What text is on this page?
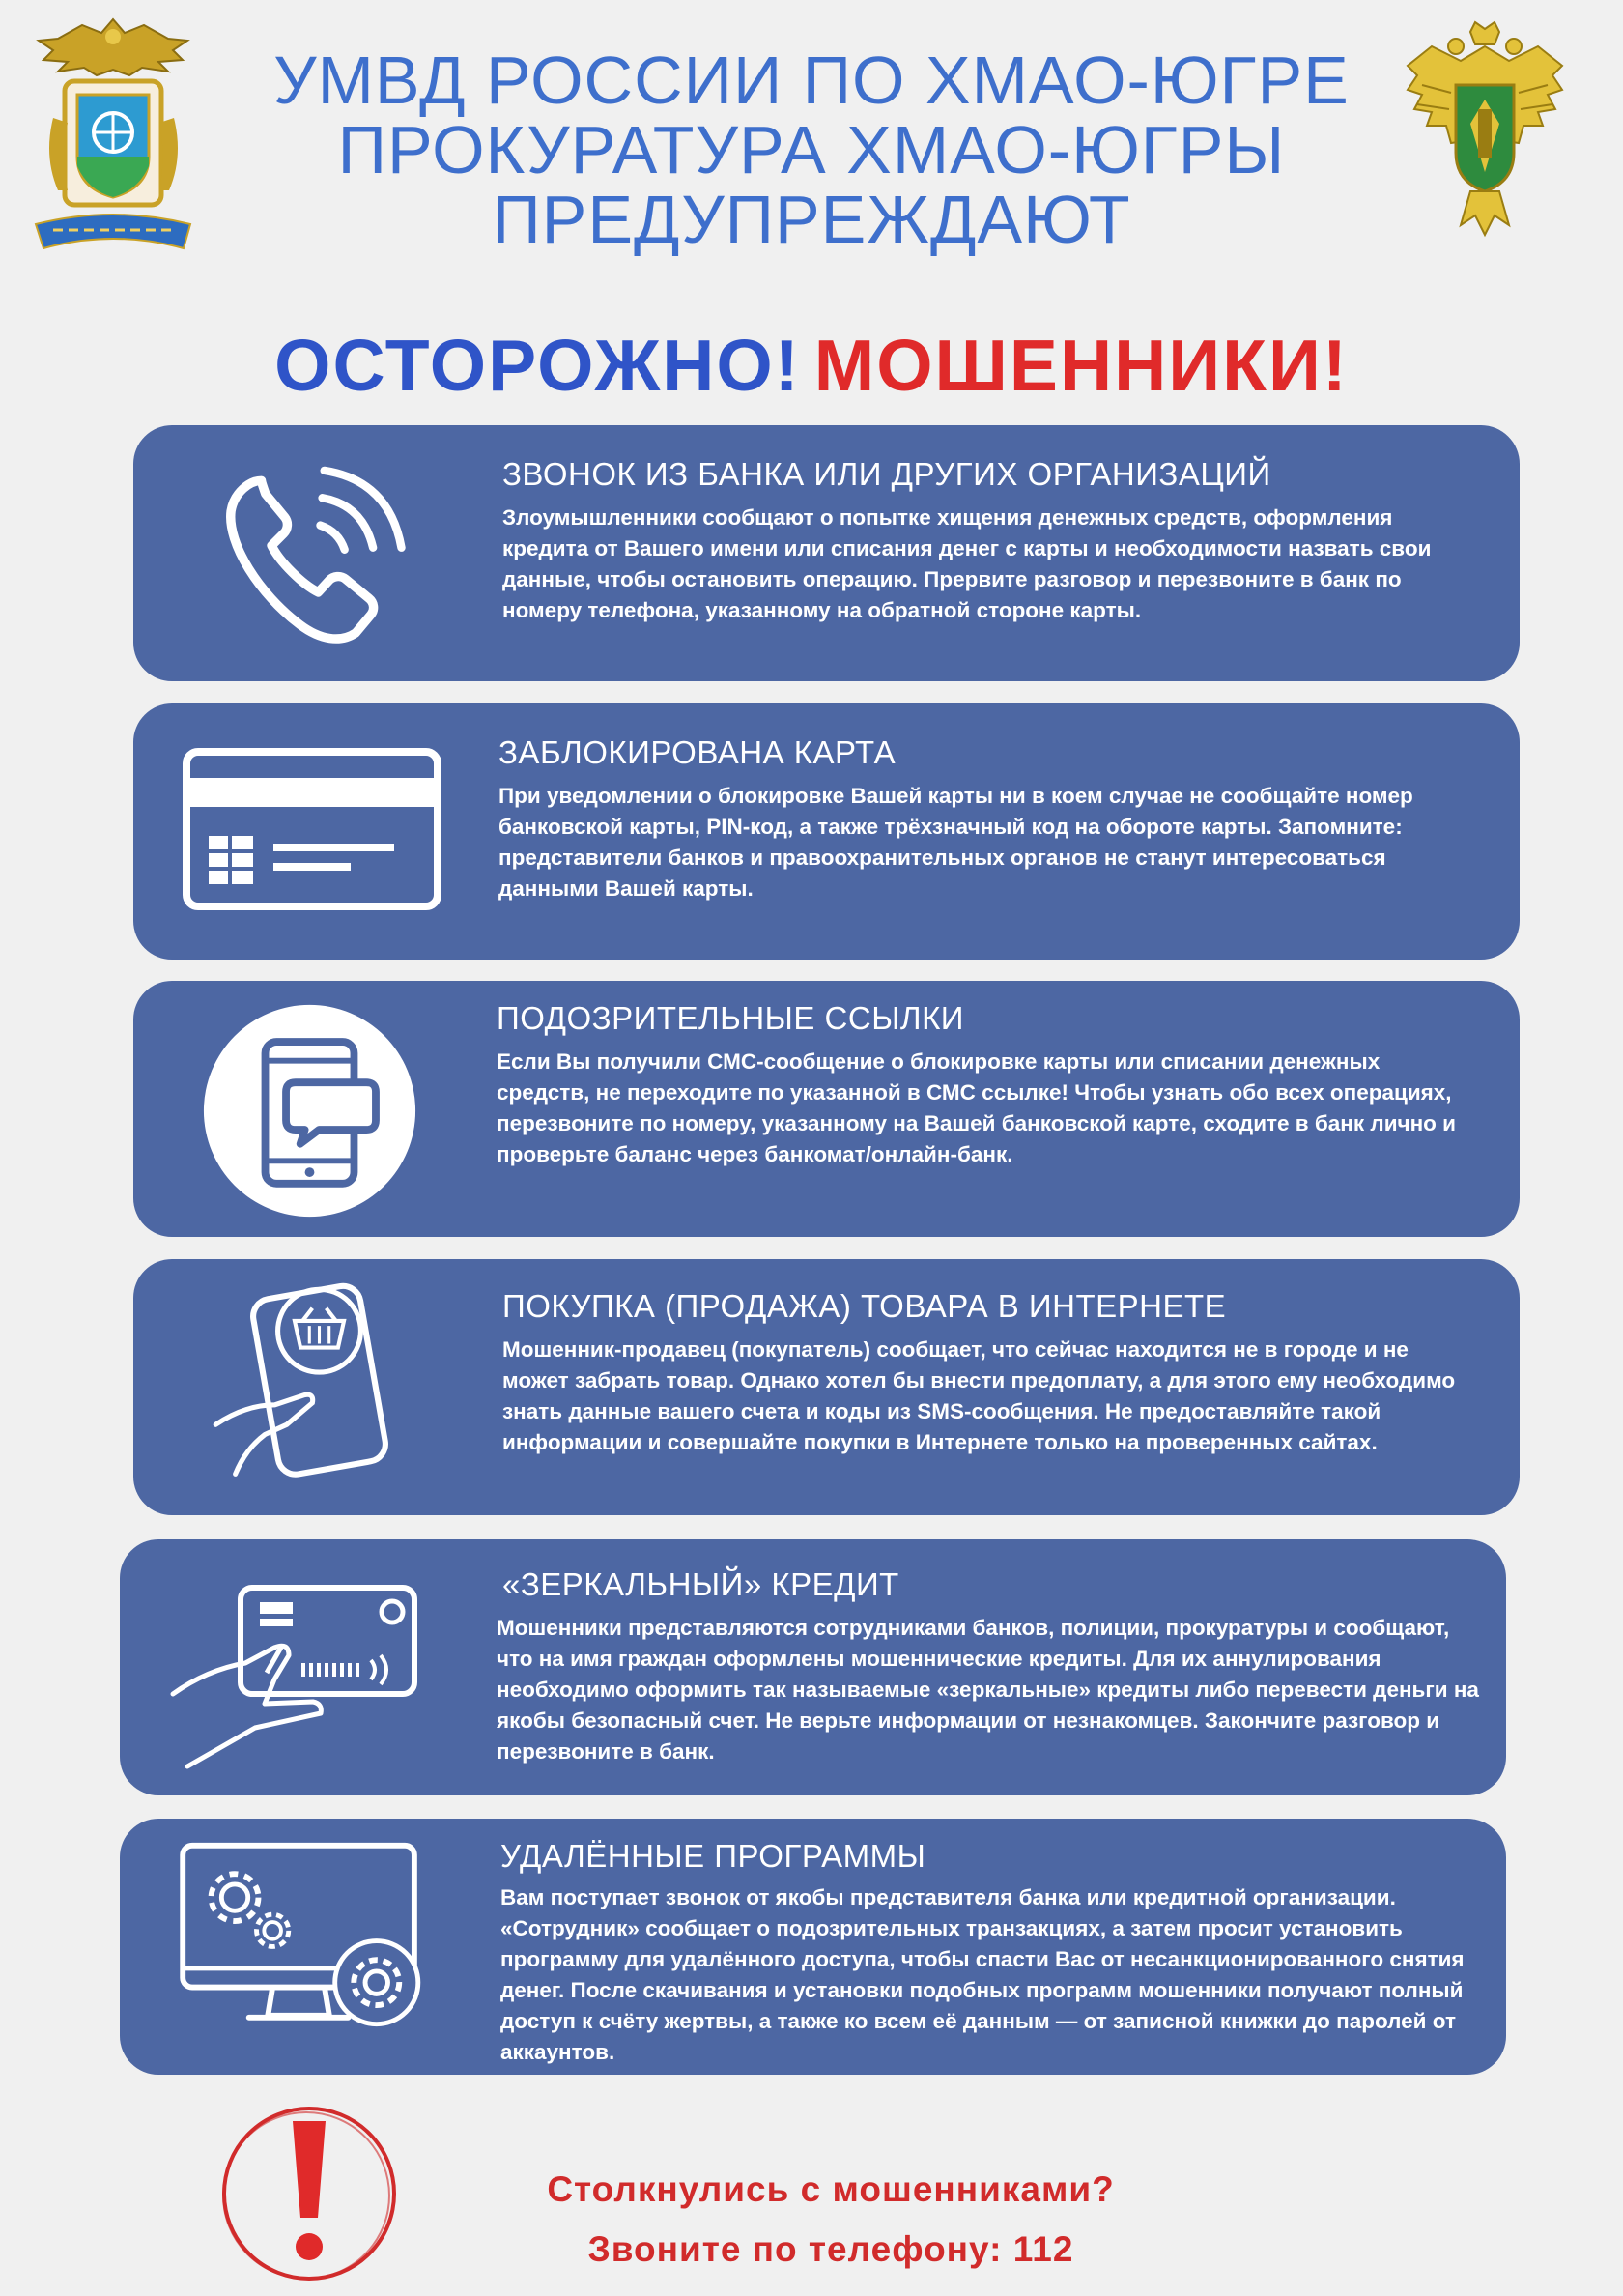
УМВД РОССИИ ПО ХМАО-ЮГРЕ
ПРОКУРАТУРА ХМАО-ЮГРЫ
ПРЕДУПРЕЖДАЮТ
ОСТОРОЖНО! МОШЕННИКИ!
ЗВОНОК ИЗ БАНКА ИЛИ ДРУГИХ ОРГАНИЗАЦИЙ
Злоумышленники сообщают о попытке хищения денежных средств, оформления кредита от Вашего имени или списания денег с карты и необходимости назвать свои данные, чтобы остановить операцию. Прервите разговор и перезвоните в банк по номеру телефона, указанному на обратной стороне карты.
ЗАБЛОКИРОВАНА КАРТА
При уведомлении о блокировке Вашей карты ни в коем случае не сообщайте номер банковской карты, PIN-код, а также трёхзначный код на обороте карты. Запомните: представители банков и правоохранительных органов не станут интересоваться данными Вашей карты.
ПОДОЗРИТЕЛЬНЫЕ ССЫЛКИ
Если Вы получили СМС-сообщение о блокировке карты или списании денежных средств, не переходите по указанной в СМС ссылке! Чтобы узнать обо всех операциях, перезвоните по номеру, указанному на Вашей банковской карте, сходите в банк лично и проверьте баланс через банкомат/онлайн-банк.
ПОКУПКА (ПРОДАЖА) ТОВАРА В ИНТЕРНЕТЕ
Мошенник-продавец (покупатель) сообщает, что сейчас находится не в городе и не может забрать товар. Однако хотел бы внести предоплату, а для этого ему необходимо знать данные вашего счета и коды из SMS-сообщения. Не предоставляйте такой информации и совершайте покупки в Интернете только на проверенных сайтах.
«ЗЕРКАЛЬНЫЙ» КРЕДИТ
Мошенники представляются сотрудниками банков, полиции, прокуратуры и сообщают, что на имя граждан оформлены мошеннические кредиты. Для их аннулирования необходимо оформить так называемые «зеркальные» кредиты либо перевести деньги на якобы безопасный счет. Не верьте информации от незнакомцев. Закончите разговор и перезвоните в банк.
УДАЛЁННЫЕ ПРОГРАММЫ
Вам поступает звонок от якобы представителя банка или кредитной организации. «Сотрудник» сообщает о подозрительных транзакциях, а затем просит установить программу для удалённого доступа, чтобы спасти Вас от несанкционированного снятия денег. После скачивания и установки подобных программ мошенники получают полный доступ к счёту жертвы, а также ко всем её данным — от записной книжки до паролей от аккаунтов.
Столкнулись с мошенниками?
Звоните по телефону: 112
